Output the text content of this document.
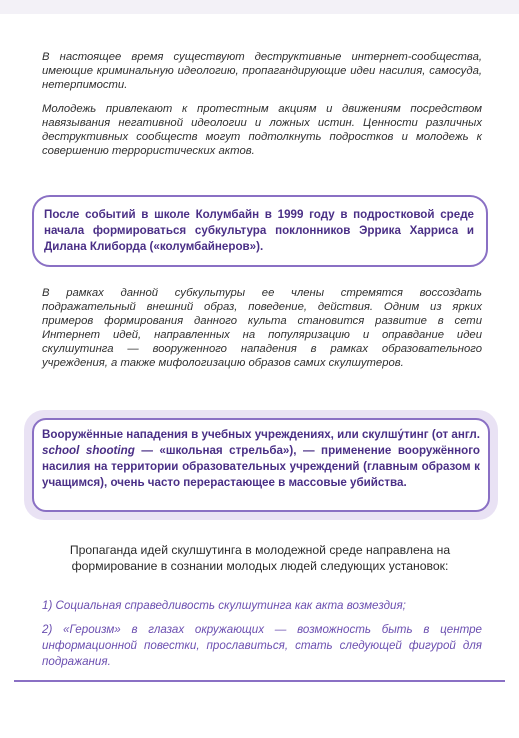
В настоящее время существуют деструктивные интернет-сообщества, имеющие криминальную идеологию, пропагандирующие идеи насилия, самосуда, нетерпимости.

Молодежь привлекают к протестным акциям и движениям посредством навязывания негативной идеологии и ложных истин. Ценности различных деструктивных сообществ могут подтолкнуть подростков и молодежь к совершению террористических актов.

После событий в школе Колумбайн в 1999 году в подростковой среде начала формироваться субкультура поклонников Эррика Харриса и Дилана Клиборда («колумбайнеров»).

В рамках данной субкультуры ее члены стремятся воссоздать подражательный внешний образ, поведение, действия. Одним из ярких примеров формирования данного культа становится развитие в сети Интернет идей, направленных на популяризацию и оправдание идеи скулшутинга — вооруженного нападения в рамках образовательного учреждения, а также мифологизацию образов самих скулшутеров.

Вооружённые нападения в учебных учреждениях, или скулшу́тинг (от англ. school shooting — «школьная стрельба»), — применение вооружённого насилия на территории образовательных учреждений (главным образом к учащимся), очень часто перерастающее в массовые убийства.

Пропаганда идей скулшутинга в молодежной среде направлена на формирование в сознании молодых людей следующих установок:

1) Социальная справедливость скулшутинга как акта возмездия;

2) «Героизм» в глазах окружающих — возможность быть в центре информационной повестки, прославиться, стать следующей фигурой для подражания.
